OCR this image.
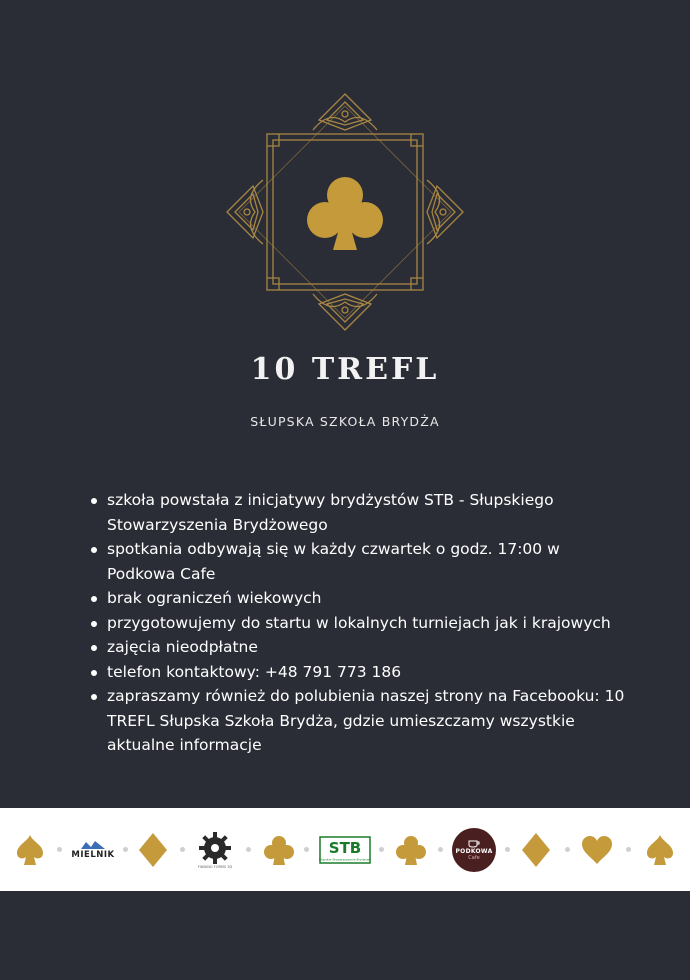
10 TREFL

SŁUPSKA SZKOŁA BRYDŻA

szkoła powstała z inicjatywy brydżystów STB - Słupskiego Stowarzyszenia Brydżowego
spotkania odbywają się w każdy czwartek o godz. 17:00 w Podkowa Cafe
brak ograniczeń wiekowych
przygotowujemy do startu w lokalnych turniejach jak i krajowych
zajęcia nieodpłatne
telefon kontaktowy: +48 791 773 186
zapraszamy również do polubienia naszej strony na Facebooku: 10 TREFL Słupska Szkoła Brydża, gdzie umieszczamy wszystkie aktualne informacje
MIELNIK
FINDING FORMS 3D
STB
Słupskie Stowarzyszenie Brydżowe
PODKOWA
Cafe
